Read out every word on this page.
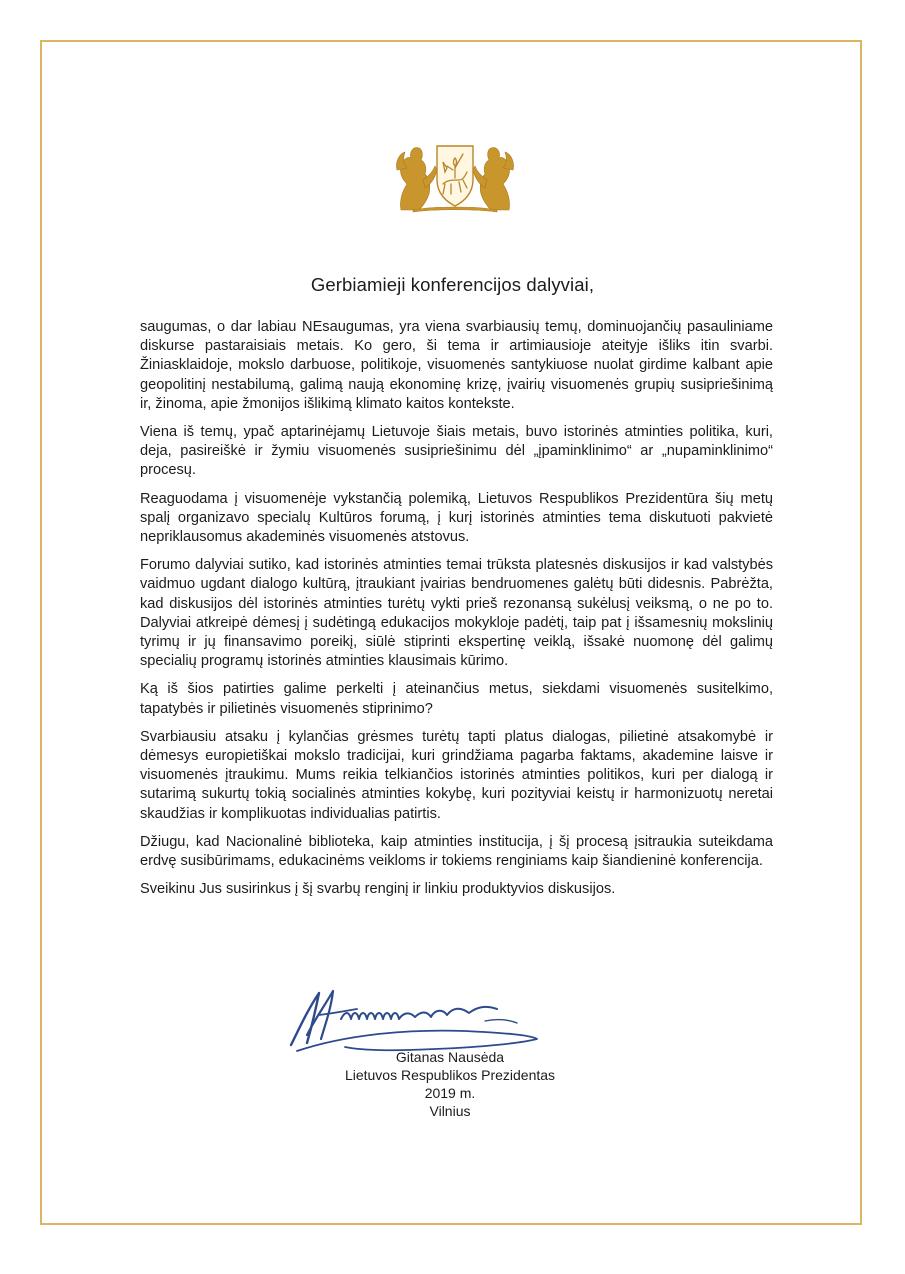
Gerbiamieji konferencijos dalyviai,

saugumas, o dar labiau NEsaugumas, yra viena svarbiausių temų, dominuojančių pasauliniame diskurse pastaraisiais metais. Ko gero, ši tema ir artimiausioje ateityje išliks itin svarbi. Žiniasklaidoje, mokslo darbuose, politikoje, visuomenės santykiuose nuolat girdime kalbant apie geopolitinį nestabilumą, galimą naują ekonominę krizę, įvairių visuomenės grupių susipriešinimą ir, žinoma, apie žmonijos išlikimą klimato kaitos kontekste.

Viena iš temų, ypač aptarinėjamų Lietuvoje šiais metais, buvo istorinės atminties politika, kuri, deja, pasireiškė ir žymiu visuomenės susipriešinimu dėl „įpaminklinimo“ ar „nupaminklinimo“ procesų.

Reaguodama į visuomenėje vykstančią polemiką, Lietuvos Respublikos Prezidentūra šių metų spalį organizavo specialų Kultūros forumą, į kurį istorinės atminties tema diskutuoti pakvietė nepriklausomus akademinės visuomenės atstovus.

Forumo dalyviai sutiko, kad istorinės atminties temai trūksta platesnės diskusijos ir kad valstybės vaidmuo ugdant dialogo kultūrą, įtraukiant įvairias bendruomenes galėtų būti didesnis. Pabrėžta, kad diskusijos dėl istorinės atminties turėtų vykti prieš rezonansą sukėlusį veiksmą, o ne po to. Dalyviai atkreipė dėmesį į sudėtingą edukacijos mokykloje padėtį, taip pat į išsamesnių mokslinių tyrimų ir jų finansavimo poreikį, siūlė stiprinti ekspertinę veiklą, išsakė nuomonę dėl galimų specialių programų istorinės atminties klausimais kūrimo.

Ką iš šios patirties galime perkelti į ateinančius metus, siekdami visuomenės susitelkimo, tapatybės ir pilietinės visuomenės stiprinimo?

Svarbiausiu atsaku į kylančias grėsmes turėtų tapti platus dialogas, pilietinė atsakomybė ir dėmesys europietiškai mokslo tradicijai, kuri grindžiama pagarba faktams, akademine laisve ir visuomenės įtraukimu. Mums reikia telkiančios istorinės atminties politikos, kuri per dialogą ir sutarimą sukurtų tokią socialinės atminties kokybę, kuri pozityviai keistų ir harmonizuotų neretai skaudžias ir komplikuotas individualias patirtis.

Džiugu, kad Nacionalinė biblioteka, kaip atminties institucija, į šį procesą įsitraukia suteikdama erdvę susibūrimams, edukacinėms veikloms ir tokiems renginiams kaip šiandieninė konferencija.

Sveikinu Jus susirinkus į šį svarbų renginį ir linkiu produktyvios diskusijos.

Gitanas Nausėda
Lietuvos Respublikos Prezidentas
2019 m.
Vilnius
